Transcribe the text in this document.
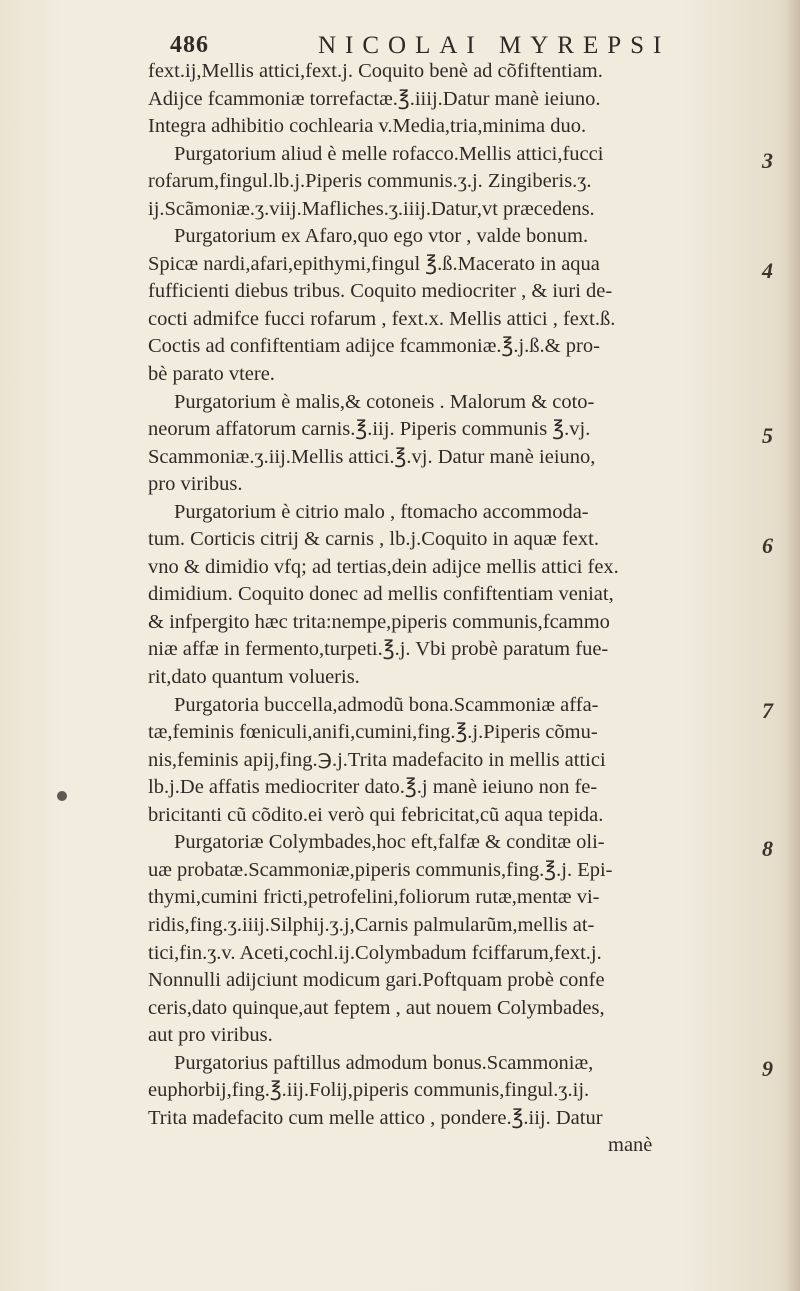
486	NICOLAI MYREPSI
fext.ij,Mellis attici,fext.j. Coquito benè ad cõfiftentiam.
Adijce fcammoniæ torrefactæ.℥.iiij.Datur manè ieiuno.
Integra adhibitio cochlearia v.Media,tria,minima duo.
Purgatorium aliud è melle rofacco.Mellis attici,fucci
rofarum,fingul.lb.j.Piperis communis.ʒ.j. Zingiberis.ʒ.
ij.Scãmoniæ.ʒ.viij.Mafliches.ʒ.iiij.Datur,vt præcedens.
Purgatorium ex Afaro,quo ego vtor , valde bonum.
Spicæ nardi,afari,epithymi,fingul ℥.ß.Macerato in aqua
fufficienti diebus tribus. Coquito mediocriter , & iuri de-
cocti admifce fucci rofarum , fext.x. Mellis attici , fext.ß.
Coctis ad confiftentiam adijce fcammoniæ.℥.j.ß.& pro-
bè parato vtere.
Purgatorium è malis,& cotoneis . Malorum & coto-
neorum affatorum carnis.℥.iij. Piperis communis ℥.vj.
Scammoniæ.ʒ.iij.Mellis attici.℥.vj. Datur manè ieiuno,
pro viribus.
Purgatorium è citrio malo , ftomacho accommoda-
tum. Corticis citrij & carnis , lb.j.Coquito in aquæ fext.
vno & dimidio vfq; ad tertias,dein adijce mellis attici fex.
dimidium. Coquito donec ad mellis confiftentiam veniat,
& infpergito hæc trita:nempe,piperis communis,fcammo
niæ affæ in fermento,turpeti.℥.j. Vbi probè paratum fue-
rit,dato quantum volueris.
Purgatoria buccella,admodũ bona.Scammoniæ affa-
tæ,feminis fœniculi,anifi,cumini,fing.℥.j.Piperis cõmu-
nis,feminis apij,fing.℈.j.Trita madefacito in mellis attici
lb.j.De affatis mediocriter dato.℥.j manè ieiuno non fe-
bricitanti cũ cõdito.ei verò qui febricitat,cũ aqua tepida.
Purgatoriæ Colymbades,hoc eft,falfæ & conditæ oli-
uæ probatæ.Scammoniæ,piperis communis,fing.℥.j. Epi-
thymi,cumini fricti,petrofelini,foliorum rutæ,mentæ vi-
ridis,fing.ʒ.iiij.Silphij.ʒ.j,Carnis palmularũm,mellis at-
tici,fin.ʒ.v. Aceti,cochl.ij.Colymbadum fciffarum,fext.j.
Nonnulli adijciunt modicum gari.Poftquam probè confe
ceris,dato quinque,aut feptem , aut nouem Colymbades,
aut pro viribus.
Purgatorius paftillus admodum bonus.Scammoniæ,
euphorbij,fing.℥.iij.Folij,piperis communis,fingul.ʒ.ij.
Trita madefacito cum melle attico , pondere.℥.iij. Datur
manè
3
4
5
6
7
8
9
